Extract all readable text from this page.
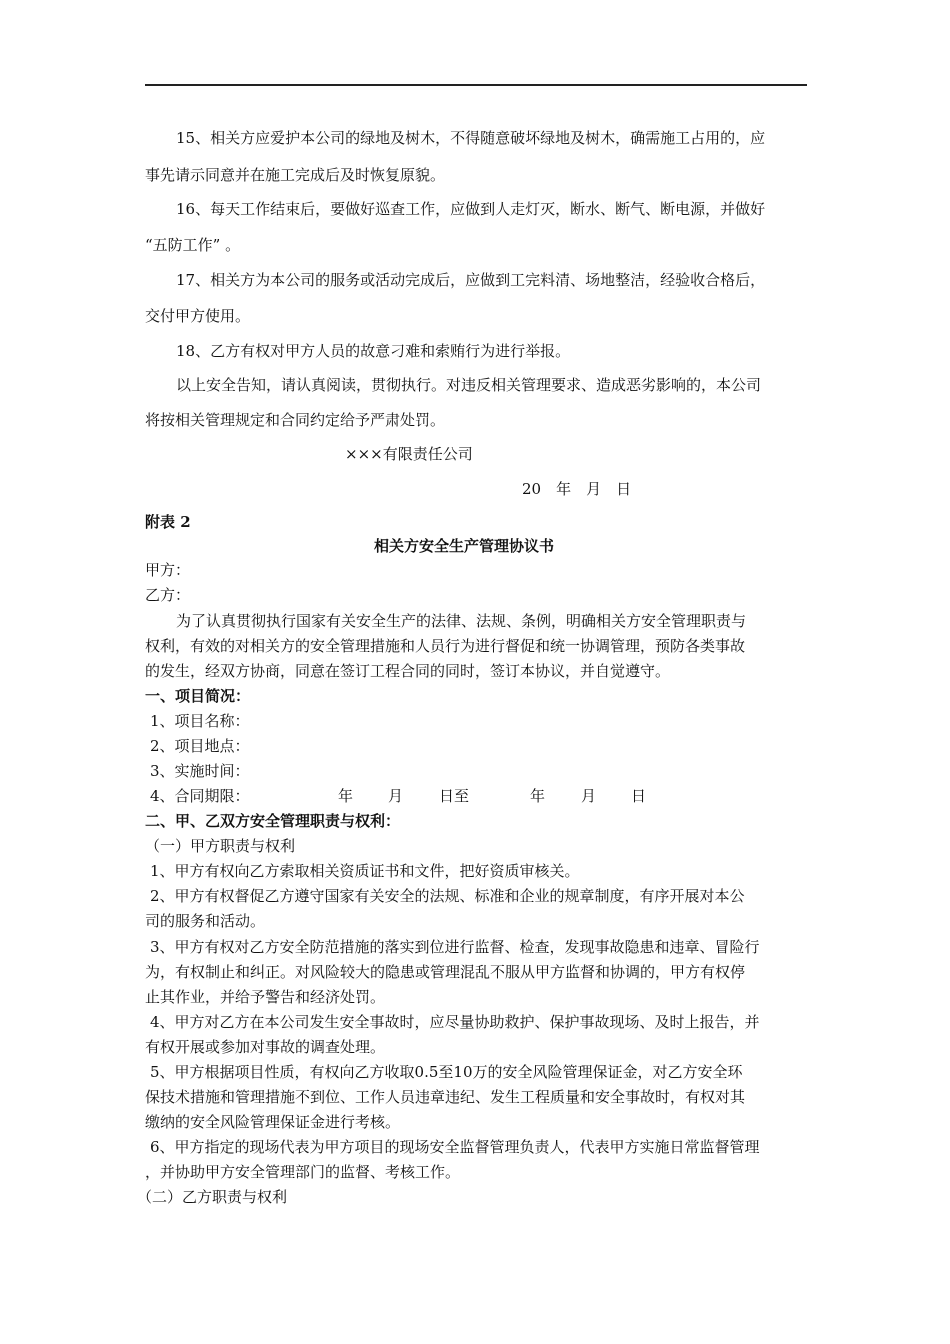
15、相关方应爱护本公司的绿地及树木，不得随意破坏绿地及树木，确需施工占用的，应
事先请示同意并在施工完成后及时恢复原貌。
16、每天工作结束后，要做好巡查工作，应做到人走灯灭，断水、断气、断电源，并做好
“五防工作” 。
17、相关方为本公司的服务或活动完成后，应做到工完料清、场地整洁，经验收合格后，
交付甲方使用。
18、乙方有权对甲方人员的故意刁难和索贿行为进行举报。
以上安全告知，请认真阅读，贯彻执行。对违反相关管理要求、造成恶劣影响的，本公司
将按相关管理规定和合同约定给予严肃处罚。
×××有限责任公司
20　年　月　日
附表 2
相关方安全生产管理协议书
甲方：
乙方：
为了认真贯彻执行国家有关安全生产的法律、法规、条例，明确相关方安全管理职责与
权利，有效的对相关方的安全管理措施和人员行为进行督促和统一协调管理，预防各类事故
的发生，经双方协商，同意在签订工程合同的同时，签订本协议，并自觉遵守。
一、项目简况：
1、项目名称：
2、项目地点：
3、实施时间：
4、合同期限：	年 月 日至	年 月 日
二、甲、乙双方安全管理职责与权利：
（一）甲方职责与权利
1、甲方有权向乙方索取相关资质证书和文件，把好资质审核关。
2、甲方有权督促乙方遵守国家有关安全的法规、标准和企业的规章制度，有序开展对本公
司的服务和活动。
3、甲方有权对乙方安全防范措施的落实到位进行监督、检查，发现事故隐患和违章、冒险行
为，有权制止和纠正。对风险较大的隐患或管理混乱不服从甲方监督和协调的，甲方有权停
止其作业，并给予警告和经济处罚。
4、甲方对乙方在本公司发生安全事故时，应尽量协助救护、保护事故现场、及时上报告，并
有权开展或参加对事故的调查处理。
5、甲方根据项目性质，有权向乙方收取0.5至10万的安全风险管理保证金，对乙方安全环
保技术措施和管理措施不到位、工作人员违章违纪、发生工程质量和安全事故时，有权对其
缴纳的安全风险管理保证金进行考核。
6、甲方指定的现场代表为甲方项目的现场安全监督管理负责人，代表甲方实施日常监督管理
，并协助甲方安全管理部门的监督、考核工作。
（二）乙方职责与权利
